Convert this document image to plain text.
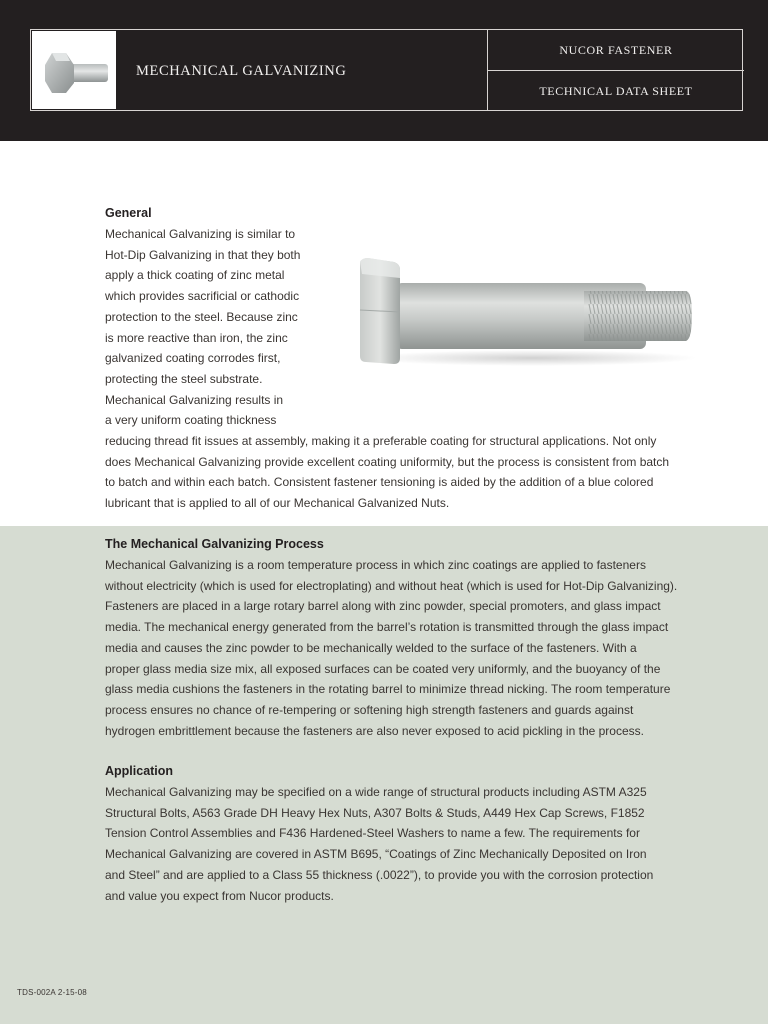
MECHANICAL GALVANIZING
NUCOR FASTENER
TECHNICAL DATA SHEET
General

Mechanical Galvanizing is similar to

Hot-Dip Galvanizing in that they both

apply a thick coating of zinc metal

which provides sacrificial or cathodic

protection to the steel. Because zinc

is more reactive than iron, the zinc

galvanized coating corrodes first,

protecting the steel substrate.

Mechanical Galvanizing results in

a very uniform coating thickness

reducing thread fit issues at assembly, making it a preferable coating for structural applications. Not only

does Mechanical Galvanizing provide excellent coating uniformity, but the process is consistent from batch

to batch and within each batch. Consistent fastener tensioning is aided by the addition of a blue colored

lubricant that is applied to all of our Mechanical Galvanized Nuts.

The Mechanical Galvanizing Process

Mechanical Galvanizing is a room temperature process in which zinc coatings are applied to fasteners

without electricity (which is used for electroplating) and without heat (which is used for Hot-Dip Galvanizing).

Fasteners are placed in a large rotary barrel along with zinc powder, special promoters, and glass impact

media. The mechanical energy generated from the barrel’s rotation is transmitted through the glass impact

media and causes the zinc powder to be mechanically welded to the surface of the fasteners. With a

proper glass media size mix, all exposed surfaces can be coated very uniformly, and the buoyancy of the

glass media cushions the fasteners in the rotating barrel to minimize thread nicking. The room temperature

process ensures no chance of re-tempering or softening high strength fasteners and guards against

hydrogen embrittlement because the fasteners are also never exposed to acid pickling in the process.

Application

Mechanical Galvanizing may be specified on a wide range of structural products including ASTM A325

Structural Bolts, A563 Grade DH Heavy Hex Nuts, A307 Bolts & Studs, A449 Hex Cap Screws, F1852

Tension Control Assemblies and F436 Hardened-Steel Washers to name a few. The requirements for

Mechanical Galvanizing are covered in ASTM B695, “Coatings of Zinc Mechanically Deposited on Iron

and Steel” and are applied to a Class 55 thickness (.0022”), to provide you with the corrosion protection

and value you expect from Nucor products.

TDS-002A 2-15-08
